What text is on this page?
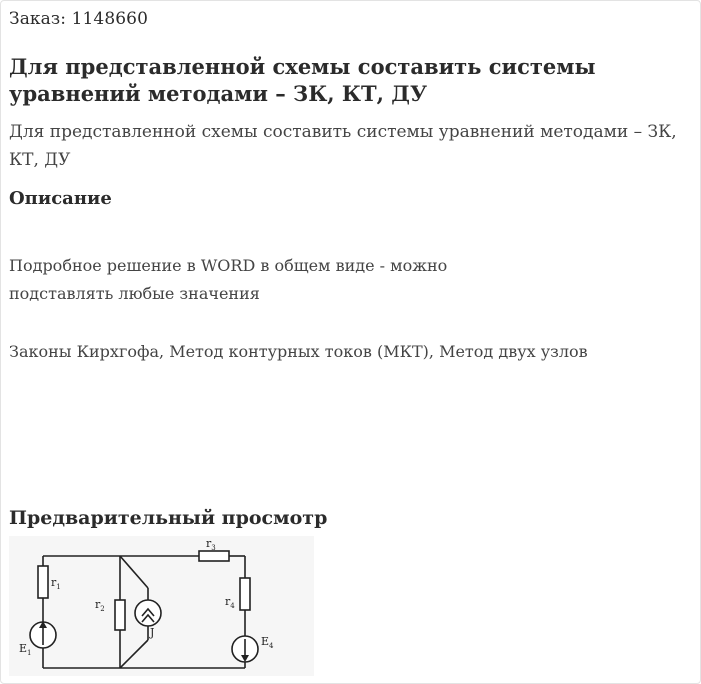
Заказ: 1148660
Для представленной схемы составить системы уравнений методами – ЗК, КТ, ДУ
Для представленной схемы составить системы уравнений методами – ЗК, КТ, ДУ
Описание
Подробное решение в WORD в общем виде - можно подставлять любые значения
Законы Кирхгофа, Метод контурных токов (МКТ), Метод двух узлов
Предварительный просмотр
$r_1$
$r_2$
$r_3$
$r_4$
$E_1$
$E_4$
J
